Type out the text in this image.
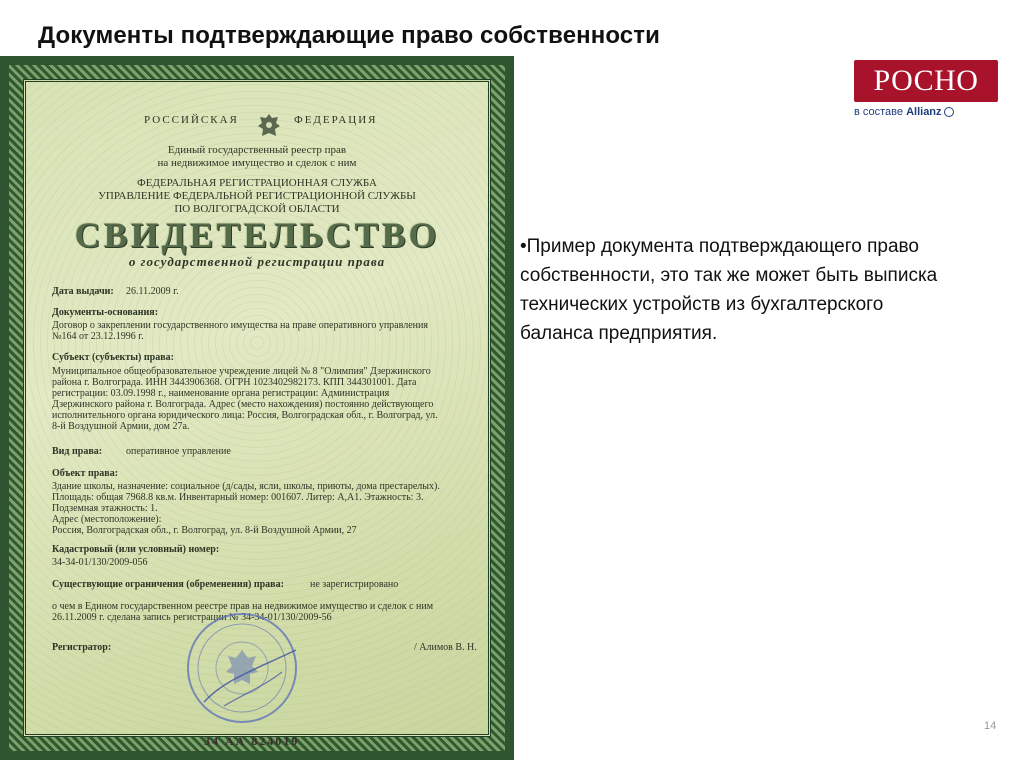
Документы подтверждающие право собственности
РОСНО
в составе Allianz
•Пример документа подтверждающего право собственности, это так же может быть выписка технических устройств из бухгалтерского баланса предприятия.
14
РОССИЙСКАЯ	ФЕДЕРАЦИЯ
Единый государственный реестр прав
на недвижимое имущество и сделок с ним
ФЕДЕРАЛЬНАЯ РЕГИСТРАЦИОННАЯ СЛУЖБА
УПРАВЛЕНИЕ ФЕДЕРАЛЬНОЙ РЕГИСТРАЦИОННОЙ СЛУЖБЫ
ПО ВОЛГОГРАДСКОЙ ОБЛАСТИ
СВИДЕТЕЛЬСТВО
о государственной регистрации права
Дата выдачи: 26.11.2009 г.
Документы-основания:
Договор о закреплении государственного имущества на праве оперативного управления
№164 от 23.12.1996 г.
Субъект (субъекты) права:
Муниципальное общеобразовательное учреждение лицей № 8 "Олимпия" Дзержинского
района г. Волгограда. ИНН 3443906368. ОГРН 1023402982173. КПП 344301001. Дата
регистрации: 03.09.1998 г., наименование органа регистрации: Администрация
Дзержинского района г. Волгограда. Адрес (место нахождения) постоянно действующего
исполнительного органа юридического лица: Россия, Волгоградская обл., г. Волгоград, ул.
8-й Воздушной Армии, дом 27а.
Вид права: оперативное управление
Объект права:
Здание школы, назначение: социальное (д/сады, ясли, школы, приюты, дома престарелых).
Площадь: общая 7968.8 кв.м. Инвентарный номер: 001607. Литер: А,А1. Этажность: 3.
Подземная этажность: 1.
Адрес (местоположение):
Россия, Волгоградская обл., г. Волгоград, ул. 8-й Воздушной Армии, 27
Кадастровый (или условный) номер:
34-34-01/130/2009-056
Существующие ограничения (обременения) права:	не зарегистрировано
о чем в Едином государственном реестре прав на недвижимое имущество и сделок с ним
26.11.2009 г. сделана запись регистрации № 34-34-01/130/2009-56
Регистратор:	/ Алимов В. Н.
34 АА 824019
